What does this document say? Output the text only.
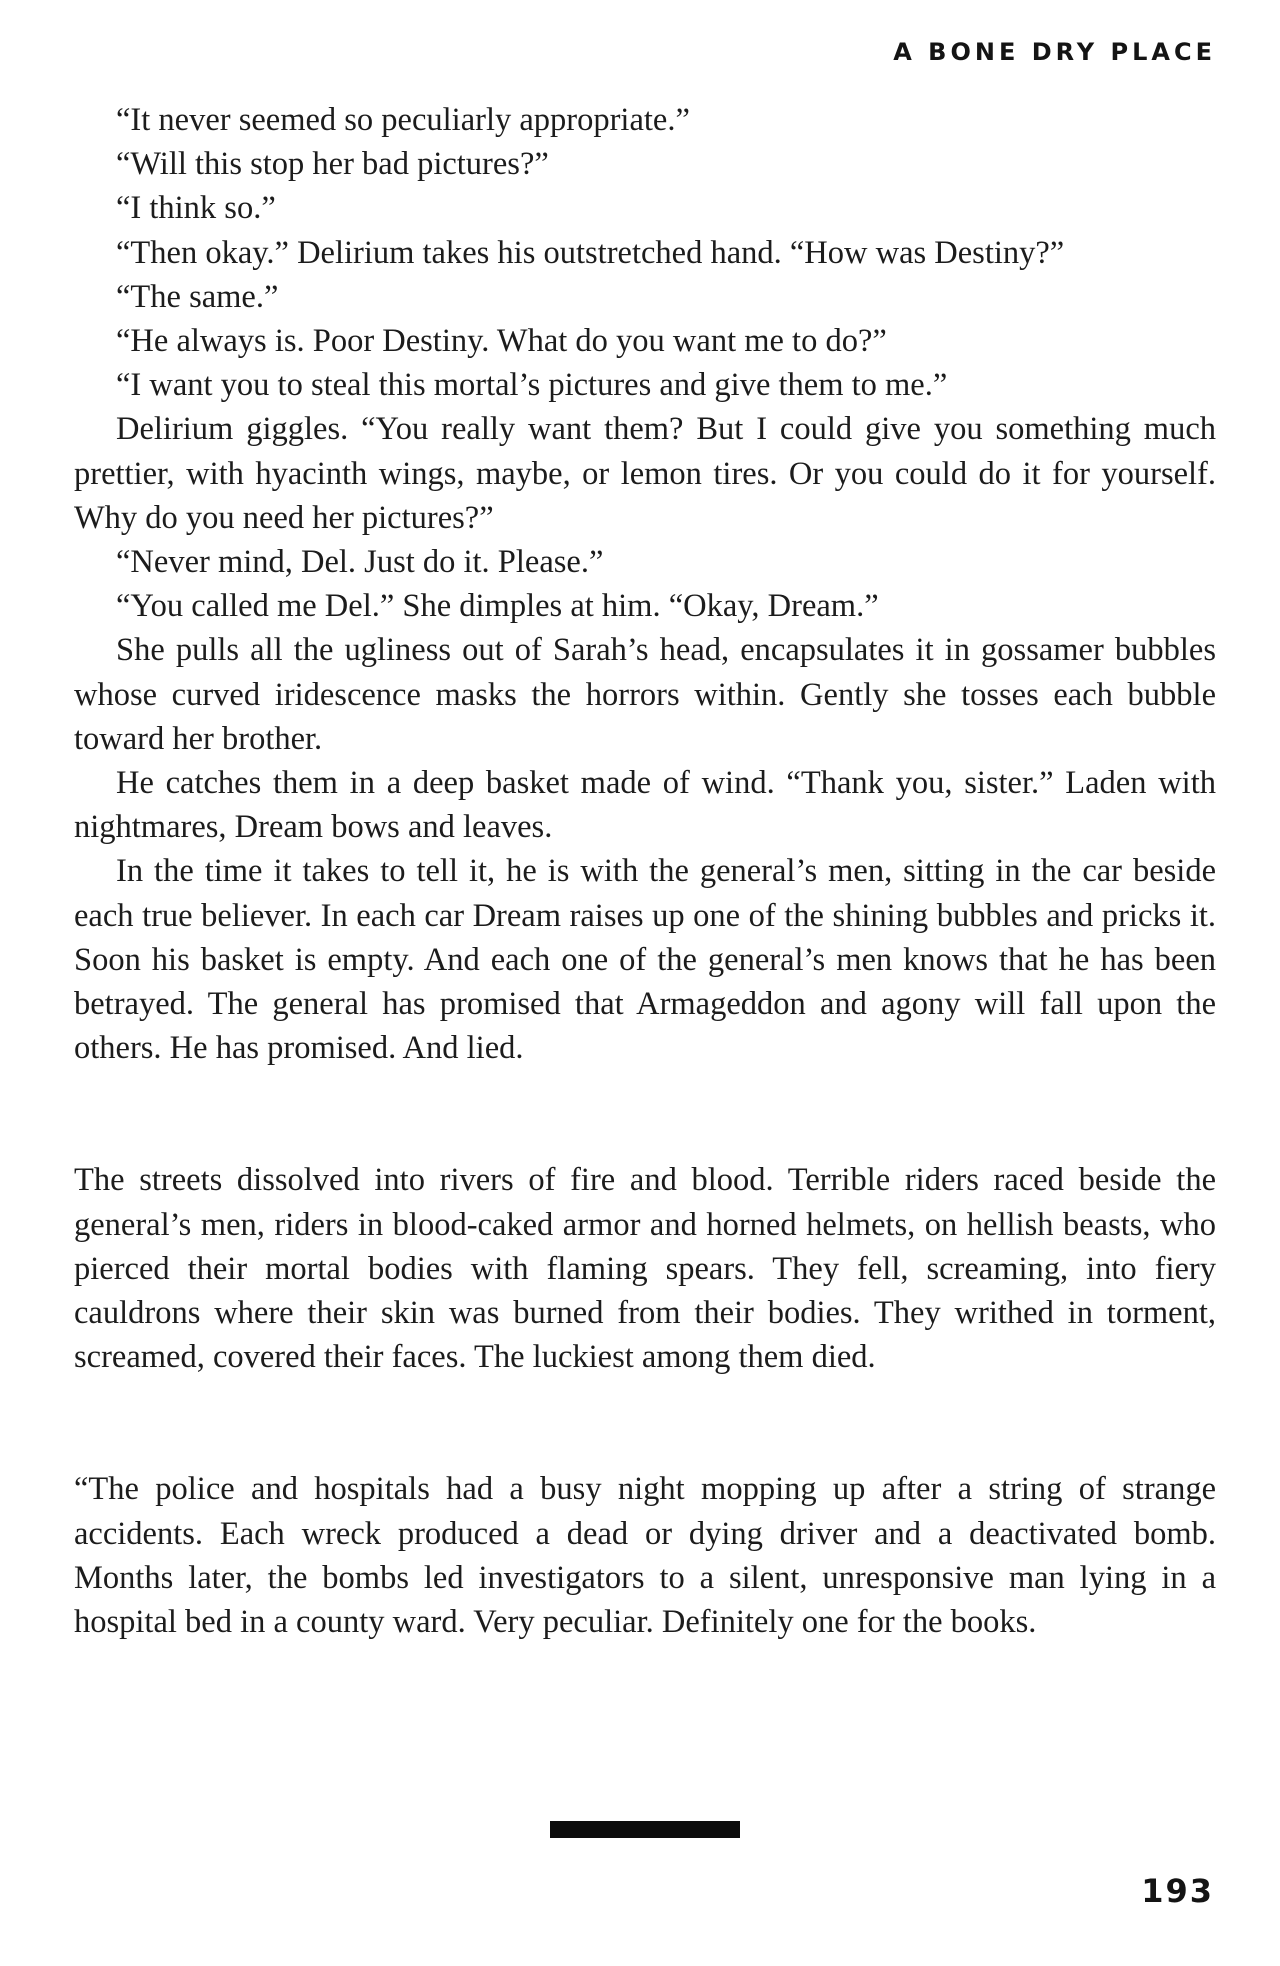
A BONE DRY PLACE

“It never seemed so peculiarly appropriate.”

“Will this stop her bad pictures?”

“I think so.”

“Then okay.” Delirium takes his outstretched hand. “How was Destiny?”

“The same.”

“He always is. Poor Destiny. What do you want me to do?”

“I want you to steal this mortal’s pictures and give them to me.”

Delirium giggles. “You really want them? But I could give you something much prettier, with hyacinth wings, maybe, or lemon tires. Or you could do it for yourself. Why do you need her pictures?”

“Never mind, Del. Just do it. Please.”

“You called me Del.” She dimples at him. “Okay, Dream.”

She pulls all the ugliness out of Sarah’s head, encapsulates it in gossamer bubbles whose curved iridescence masks the horrors within. Gently she tosses each bubble toward her brother.

He catches them in a deep basket made of wind. “Thank you, sister.” Laden with nightmares, Dream bows and leaves.

In the time it takes to tell it, he is with the general’s men, sitting in the car beside each true believer. In each car Dream raises up one of the shining bubbles and pricks it. Soon his basket is empty. And each one of the general’s men knows that he has been betrayed. The general has promised that Armageddon and agony will fall upon the others. He has promised. And lied.

The streets dissolved into rivers of fire and blood. Terrible riders raced beside the general’s men, riders in blood-caked armor and horned helmets, on hellish beasts, who pierced their mortal bodies with flaming spears. They fell, screaming, into fiery cauldrons where their skin was burned from their bodies. They writhed in torment, screamed, covered their faces. The luckiest among them died.

“The police and hospitals had a busy night mopping up after a string of strange accidents. Each wreck produced a dead or dying driver and a deactivated bomb. Months later, the bombs led investigators to a silent, unresponsive man lying in a hospital bed in a county ward. Very peculiar. Definitely one for the books.

193
